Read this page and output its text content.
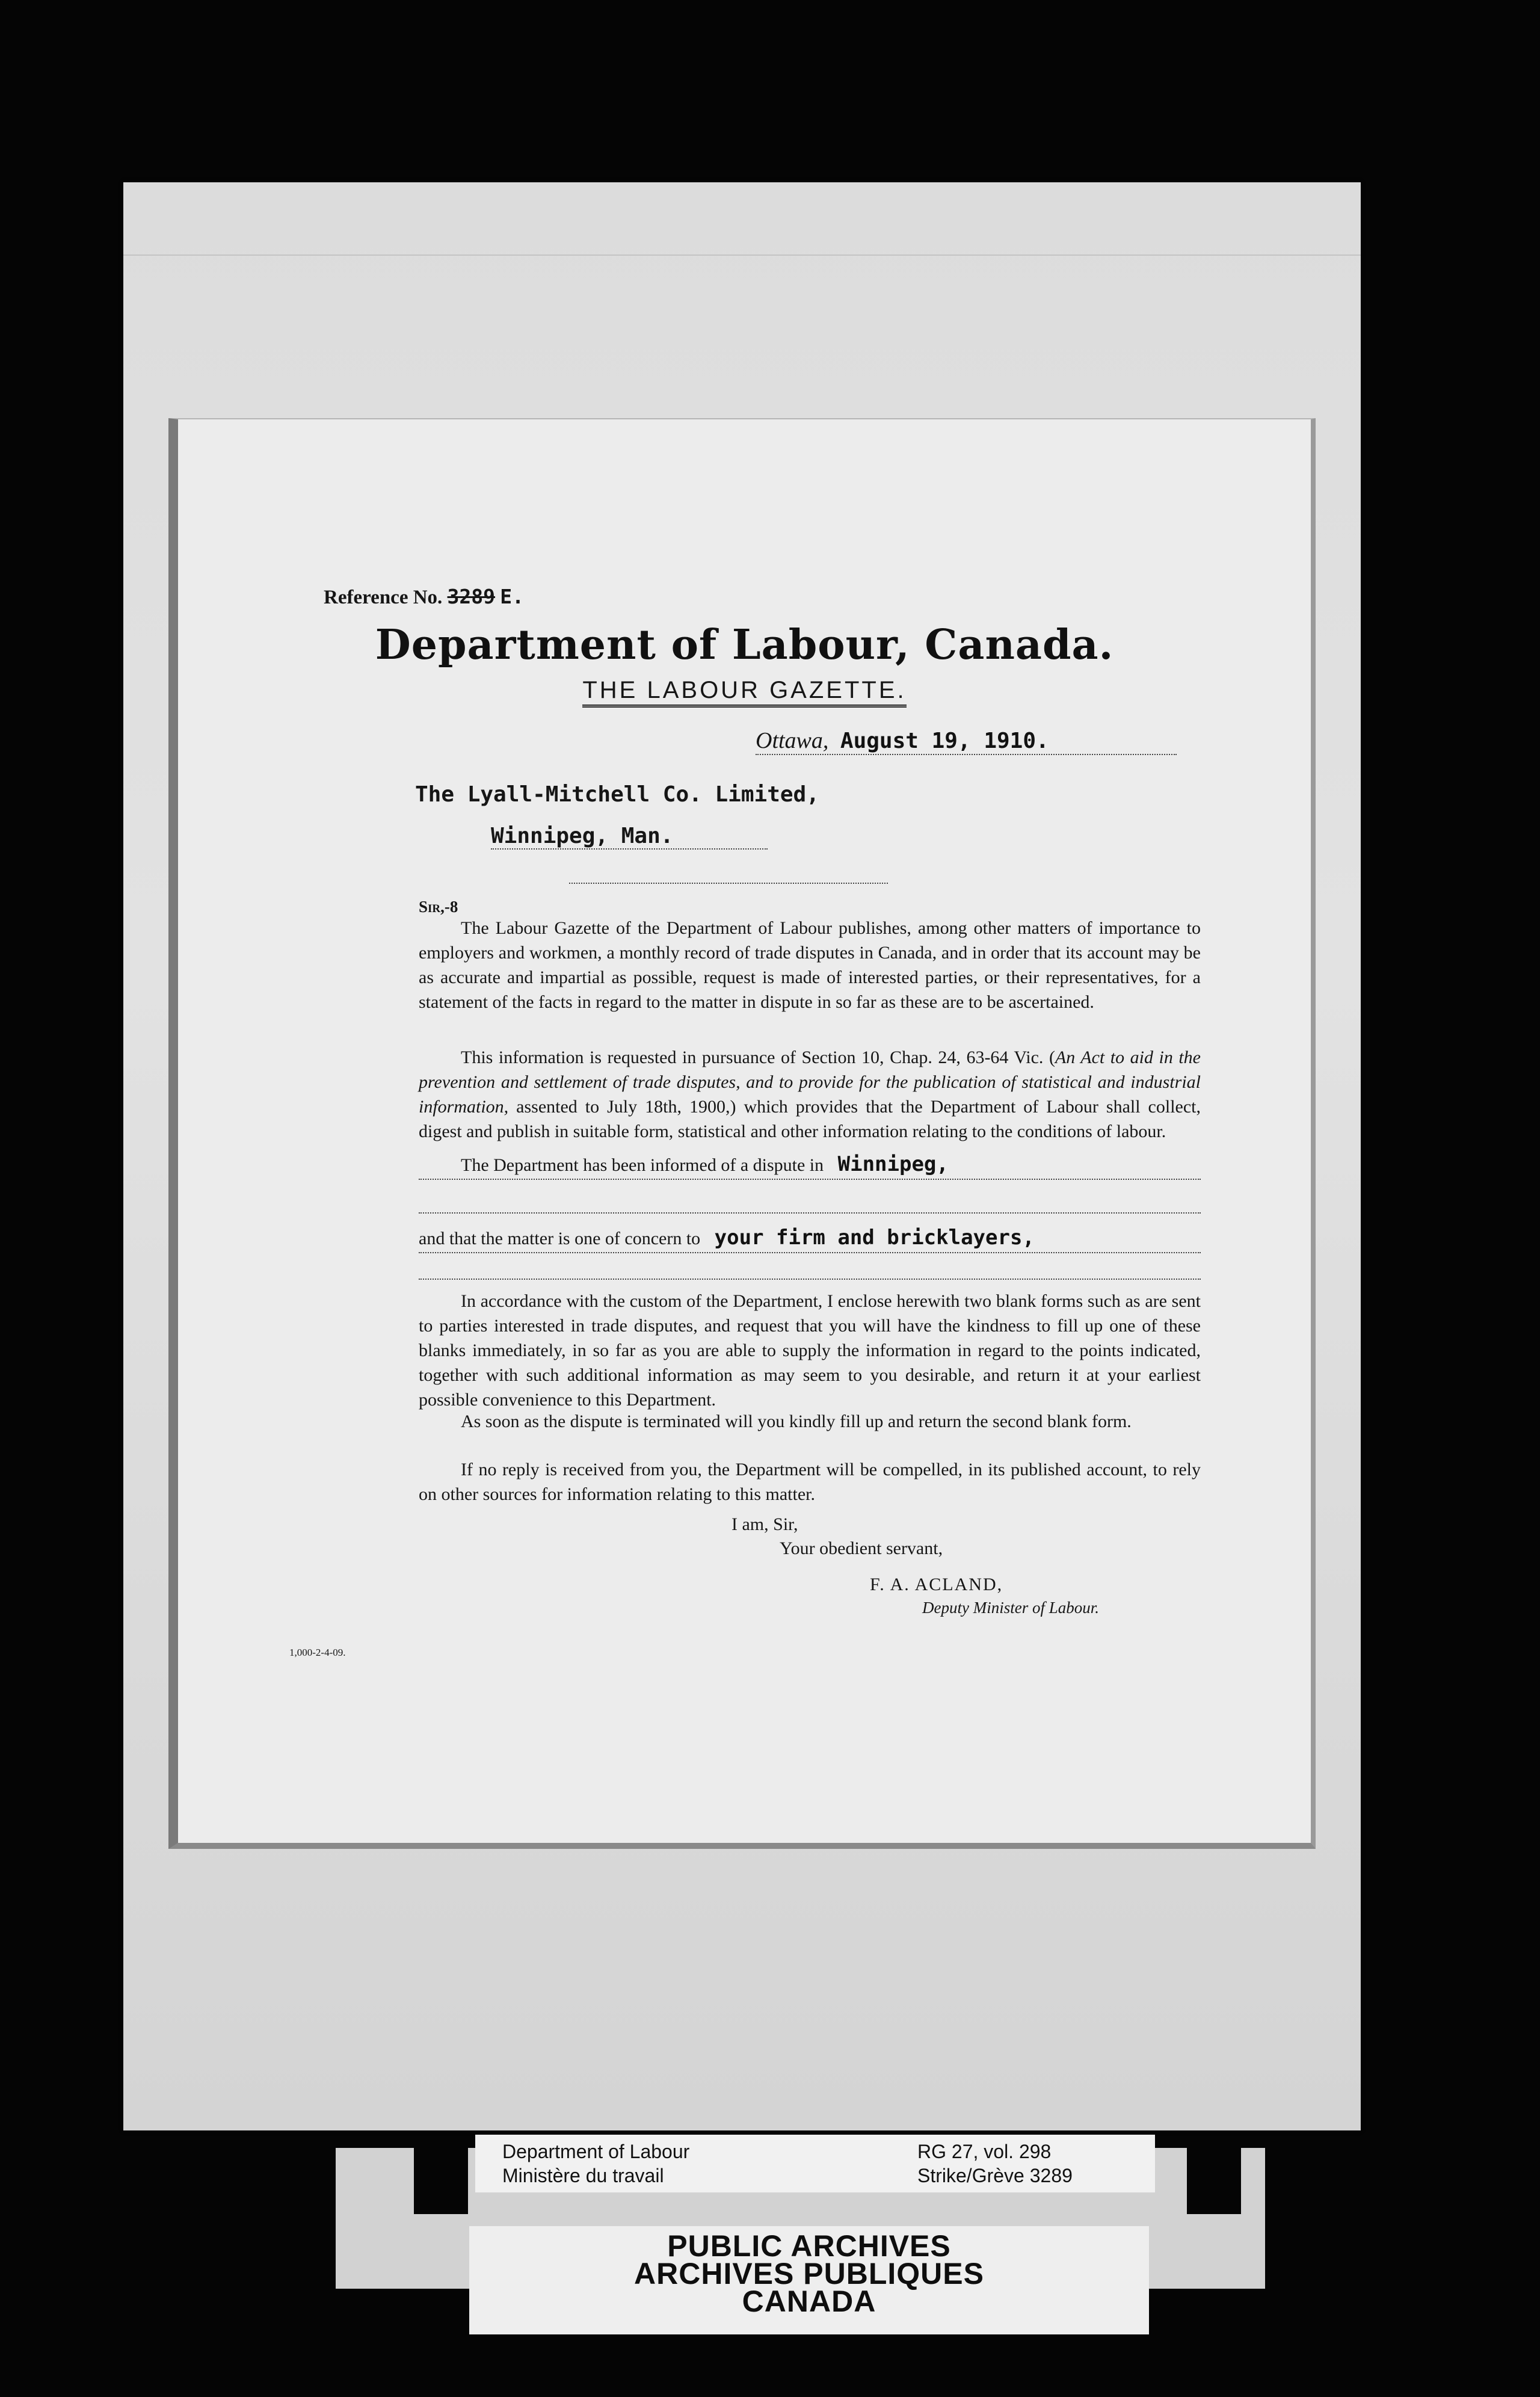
Reference No. 3289 E.
Department of Labour, Canada.
THE LABOUR GAZETTE.
Ottawa, August 19, 1910.
The Lyall-Mitchell Co. Limited,
Winnipeg, Man.
Sir,-8

The Labour Gazette of the Department of Labour publishes, among other matters of importance to employers and workmen, a monthly record of trade disputes in Canada, and in order that its account may be as accurate and impartial as possible, request is made of interested parties, or their representatives, for a statement of the facts in regard to the matter in dispute in so far as these are to be ascertained.

This information is requested in pursuance of Section 10, Chap. 24, 63-64 Vic. (An Act to aid in the prevention and settlement of trade disputes, and to provide for the publication of statistical and industrial information, assented to July 18th, 1900,) which provides that the Department of Labour shall collect, digest and publish in suitable form, statistical and other information relating to the conditions of labour.

The Department has been informed of a dispute in Winnipeg,
and that the matter is one of concern to your firm and bricklayers,

In accordance with the custom of the Department, I enclose herewith two blank forms such as are sent to parties interested in trade disputes, and request that you will have the kindness to fill up one of these blanks immediately, in so far as you are able to supply the information in regard to the points indicated, together with such additional information as may seem to you desirable, and return it at your earliest possible convenience to this Department.

As soon as the dispute is terminated will you kindly fill up and return the second blank form.

If no reply is received from you, the Department will be compelled, in its published account, to rely on other sources for information relating to this matter.

I am, Sir,
Your obedient servant,
F. A. ACLAND,
Deputy Minister of Labour.
1,000-2-4-09.
Department of Labour
Ministère du travail
RG 27, vol. 298
Strike/Grève 3289
PUBLIC ARCHIVES
ARCHIVES PUBLIQUES
CANADA
